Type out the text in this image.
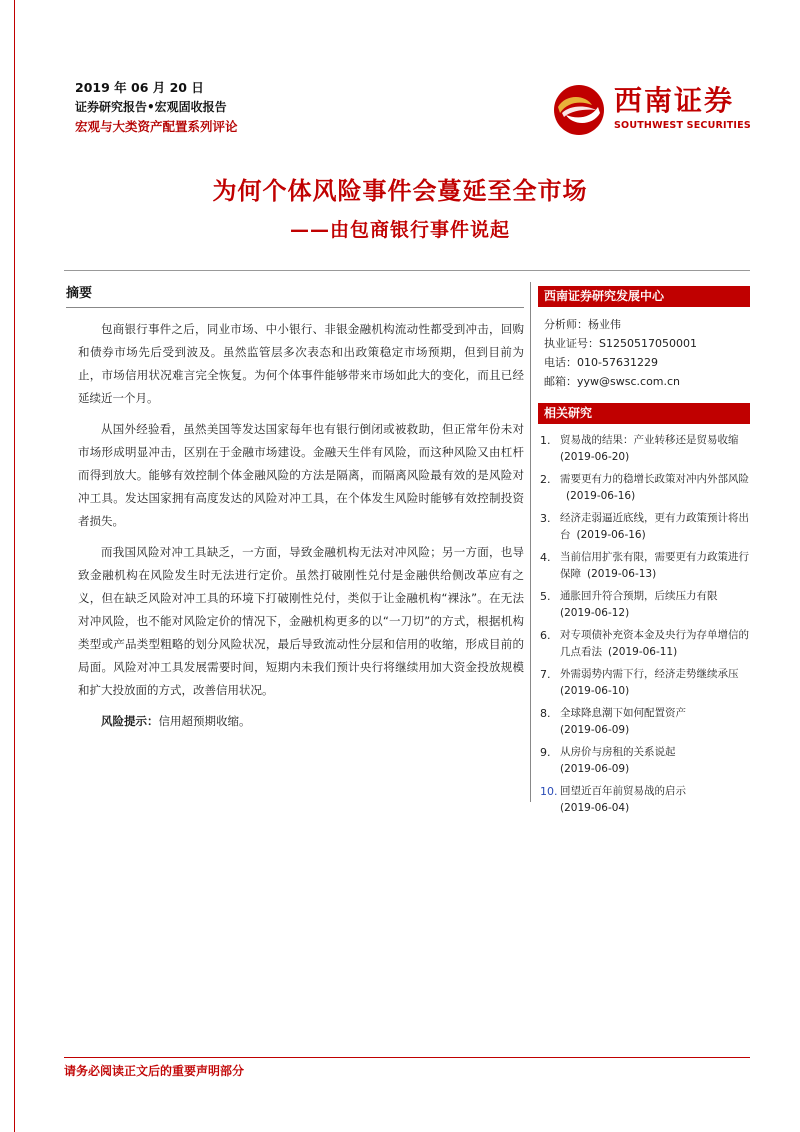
2019 年 06 月 20 日
证券研究报告•宏观固收报告
宏观与大类资产配置系列评论
西南证券
SOUTHWEST SECURITIES
为何个体风险事件会蔓延至全市场
——由包商银行事件说起
摘要

包商银行事件之后，同业市场、中小银行、非银金融机构流动性都受到冲击，回购和债券市场先后受到波及。虽然监管层多次表态和出政策稳定市场预期，但到目前为止，市场信用状况难言完全恢复。为何个体事件能够带来市场如此大的变化，而且已经延续近一个月。

从国外经验看，虽然美国等发达国家每年也有银行倒闭或被救助，但正常年份未对市场形成明显冲击，区别在于金融市场建设。金融天生伴有风险，而这种风险又由杠杆而得到放大。能够有效控制个体金融风险的方法是隔离，而隔离风险最有效的是风险对冲工具。发达国家拥有高度发达的风险对冲工具，在个体发生风险时能够有效控制投资者损失。

而我国风险对冲工具缺乏，一方面，导致金融机构无法对冲风险；另一方面，也导致金融机构在风险发生时无法进行定价。虽然打破刚性兑付是金融供给侧改革应有之义，但在缺乏风险对冲工具的环境下打破刚性兑付，类似于让金融机构“裸泳”。在无法对冲风险，也不能对风险定价的情况下，金融机构更多的以“一刀切”的方式，根据机构类型或产品类型粗略的划分风险状况，最后导致流动性分层和信用的收缩，形成目前的局面。风险对冲工具发展需要时间，短期内未我们预计央行将继续用加大资金投放规模和扩大投放面的方式，改善信用状况。

风险提示：信用超预期收缩。
西南证券研究发展中心
分析师：杨业伟
执业证号：S1250517050001
电话：010-57631229
邮箱：yyw@swsc.com.cn
相关研究
1. 贸易战的结果：产业转移还是贸易收缩
(2019-06-20)
2. 需要更有力的稳增长政策对冲内外部风险(2019-06-16)
3. 经济走弱逼近底线，更有力政策预计将出台 (2019-06-16)
4. 当前信用扩张有限，需要更有力政策进行保障 (2019-06-13)
5. 通胀回升符合预期，后续压力有限
(2019-06-12)
6. 对专项债补充资本金及央行为存单增信的几点看法 (2019-06-11)
7. 外需弱势内需下行，经济走势继续承压
(2019-06-10)
8. 全球降息潮下如何配置资产
(2019-06-09)
9. 从房价与房租的关系说起
(2019-06-09)
10. 回望近百年前贸易战的启示
(2019-06-04)
请务必阅读正文后的重要声明部分
